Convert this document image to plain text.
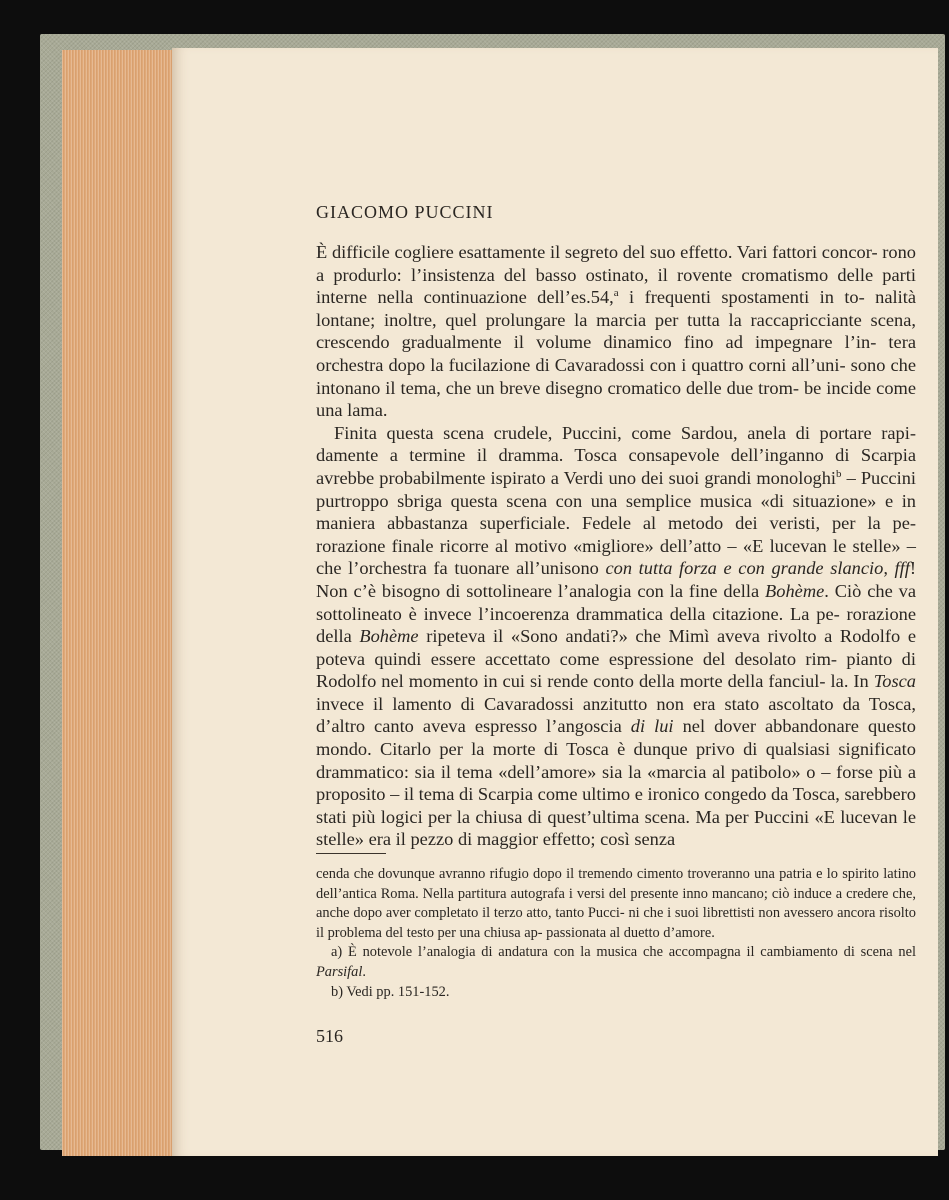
GIACOMO PUCCINI

È difficile cogliere esattamente il segreto del suo effetto. Vari fattori concor- rono a produrlo: l’insistenza del basso ostinato, il rovente cromatismo delle parti interne nella continuazione dell’es.54,$^a$ i frequenti spostamenti in to- nalità lontane; inoltre, quel prolungare la marcia per tutta la raccapricciante scena, crescendo gradualmente il volume dinamico fino ad impegnare l’in- tera orchestra dopo la fucilazione di Cavaradossi con i quattro corni all’uni- sono che intonano il tema, che un breve disegno cromatico delle due trom- be incide come una lama.

Finita questa scena crudele, Puccini, come Sardou, anela di portare rapi- damente a termine il dramma. Tosca consapevole dell’inganno di Scarpia avrebbe probabilmente ispirato a Verdi uno dei suoi grandi monologhi$^b$ – Puccini purtroppo sbriga questa scena con una semplice musica «di situazione» e in maniera abbastanza superficiale. Fedele al metodo dei veristi, per la pe- rorazione finale ricorre al motivo «migliore» dell’atto – «E lucevan le stelle» – che l’orchestra fa tuonare all’unisono con tutta forza e con grande slancio, fff! Non c’è bisogno di sottolineare l’analogia con la fine della Bohème. Ciò che va sottolineato è invece l’incoerenza drammatica della citazione. La pe- rorazione della Bohème ripeteva il «Sono andati?» che Mimì aveva rivolto a Rodolfo e poteva quindi essere accettato come espressione del desolato rim- pianto di Rodolfo nel momento in cui si rende conto della morte della fanciul- la. In Tosca invece il lamento di Cavaradossi anzitutto non era stato ascoltato da Tosca, d’altro canto aveva espresso l’angoscia di lui nel dover abbandonare questo mondo. Citarlo per la morte di Tosca è dunque privo di qualsiasi significato drammatico: sia il tema «dell’amore» sia la «marcia al patibolo» o – forse più a proposito – il tema di Scarpia come ultimo e ironico congedo da Tosca, sarebbero stati più logici per la chiusa di quest’ultima scena. Ma per Puccini «E lucevan le stelle» era il pezzo di maggior effetto; così senza

cenda che dovunque avranno rifugio dopo il tremendo cimento troveranno una patria e lo spirito latino dell’antica Roma. Nella partitura autografa i versi del presente inno mancano; ciò induce a credere che, anche dopo aver completato il terzo atto, tanto Pucci- ni che i suoi librettisti non avessero ancora risolto il problema del testo per una chiusa ap- passionata al duetto d’amore.

a) È notevole l’analogia di andatura con la musica che accompagna il cambiamento di scena nel Parsifal.

b) Vedi pp. 151-152.

516
